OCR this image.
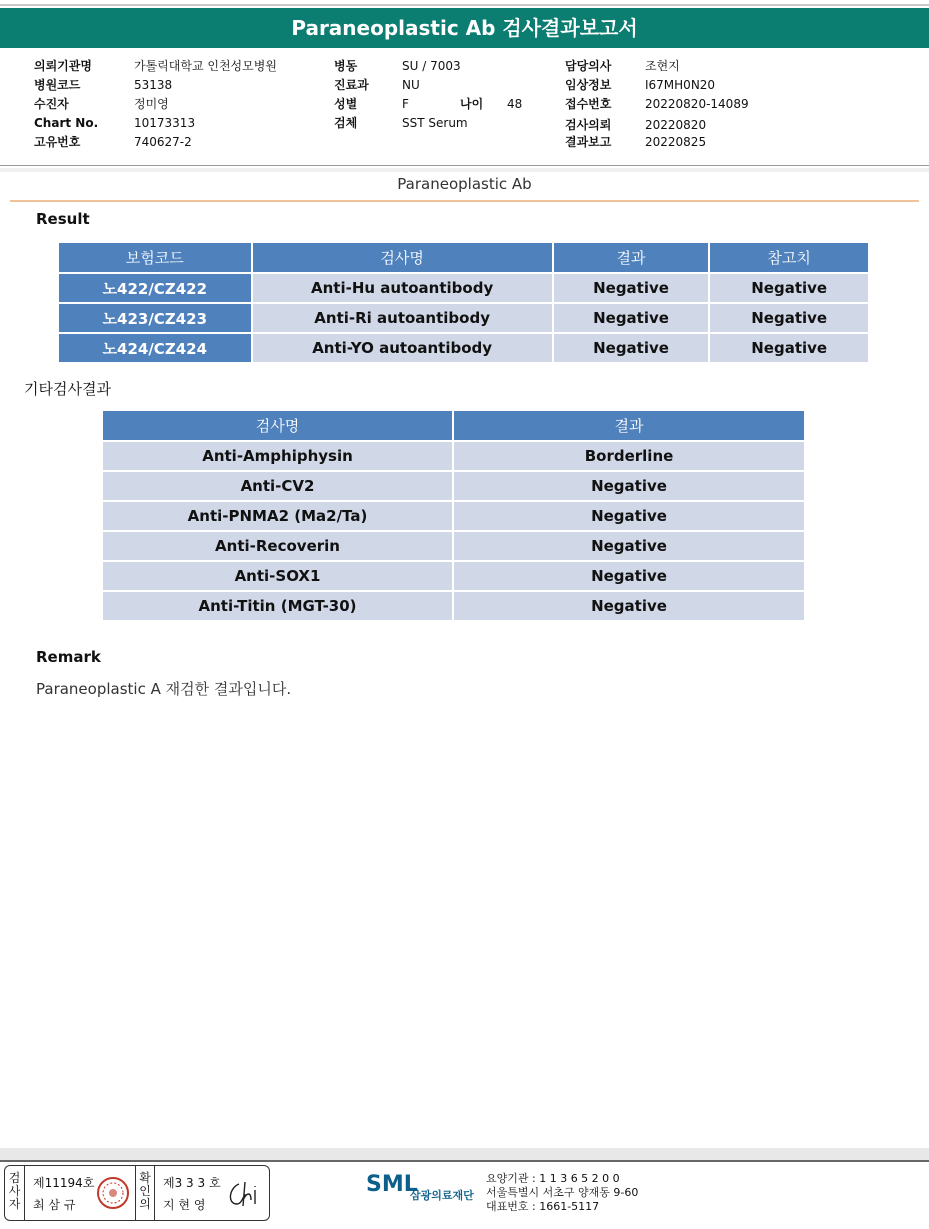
Paraneoplastic Ab 검사결과보고서
의뢰기관명	가톨릭대학교 인천성모병원
병원코드	53138
수진자	정미영
Chart No.	10173313
고유번호	740627-2
병동	SU / 7003
진료과	NU
성별	F	나이 48
검체	SST Serum
담당의사	조현지
임상정보	I67MH0N20
접수번호	20220820-14089
검사의뢰	20220820
결과보고	20220825
Paraneoplastic Ab
Result
보험코드	검사명	결과	참고치
노422/CZ422	Anti-Hu autoantibody	Negative	Negative
노423/CZ423	Anti-Ri autoantibody	Negative	Negative
노424/CZ424	Anti-YO autoantibody	Negative	Negative
기타검사결과
검사명	결과
Anti-Amphiphysin	Borderline
Anti-CV2	Negative
Anti-PNMA2 (Ma2/Ta)	Negative
Anti-Recoverin	Negative
Anti-SOX1	Negative
Anti-Titin (MGT-30)	Negative
Remark
Paraneoplastic A 재검한 결과입니다.
검사자
제11194호
최 삼 규
확인의
제3 3 3 호
지 현 영
SML
삼광의료재단
요양기관 : 1 1 3 6 5 2 0 0
서울특별시 서초구 양재동 9-60
대표번호 : 1661-5117
